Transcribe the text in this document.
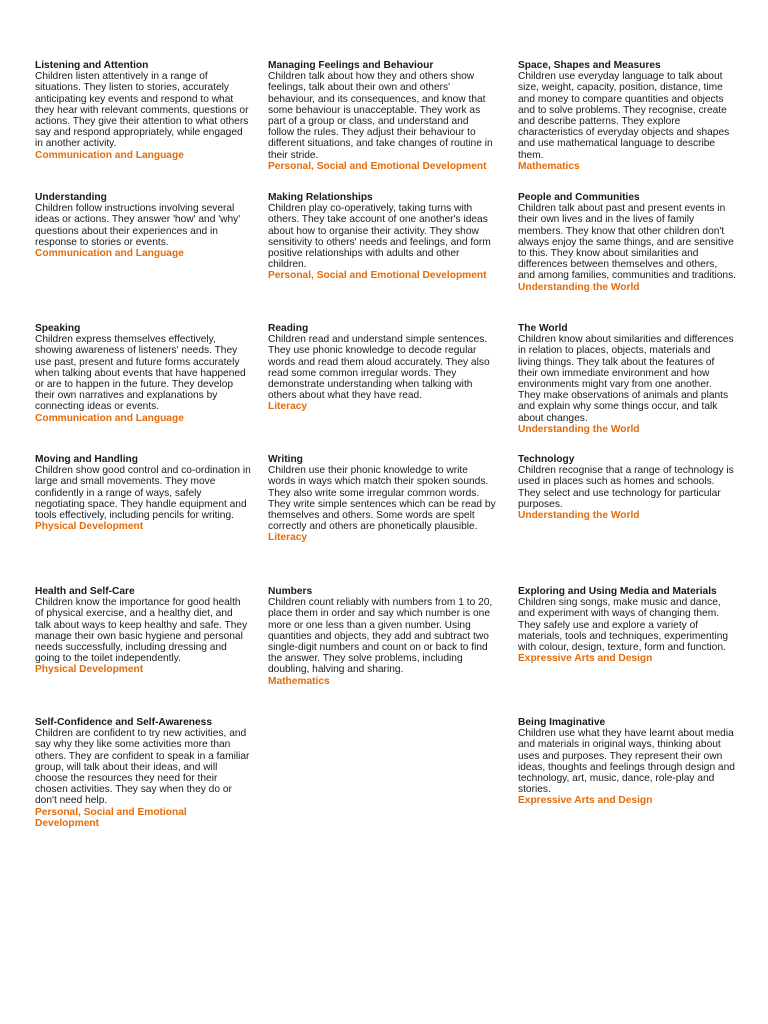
Listening and Attention

Children listen attentively in a range of situations. They listen to stories, accurately anticipating key events and respond to what they hear with relevant comments, questions or actions. They give their attention to what others say and respond appropriately, while engaged in another activity.

Communication and Language

Managing Feelings and Behaviour

Children talk about how they and others show feelings, talk about their own and others' behaviour, and its consequences, and know that some behaviour is unacceptable. They work as part of a group or class, and understand and follow the rules. They adjust their behaviour to different situations, and take changes of routine in their stride.

Personal, Social and Emotional Development

Space, Shapes and Measures

Children use everyday language to talk about size, weight, capacity, position, distance, time and money to compare quantities and objects and to solve problems. They recognise, create and describe patterns. They explore characteristics of everyday objects and shapes and use mathematical language to describe them.

Mathematics

Understanding

Children follow instructions involving several ideas or actions. They answer 'how' and 'why' questions about their experiences and in response to stories or events.

Communication and Language

Making Relationships

Children play co-operatively, taking turns with others. They take account of one another's ideas about how to organise their activity. They show sensitivity to others' needs and feelings, and form positive relationships with adults and other children.

Personal, Social and Emotional Development

People and Communities

Children talk about past and present events in their own lives and in the lives of family members. They know that other children don't always enjoy the same things, and are sensitive to this. They know about similarities and differences between themselves and others, and among families, communities and traditions.

Understanding the World

Speaking

Children express themselves effectively, showing awareness of listeners' needs. They use past, present and future forms accurately when talking about events that have happened or are to happen in the future. They develop their own narratives and explanations by connecting ideas or events.

Communication and Language

Reading

Children read and understand simple sentences. They use phonic knowledge to decode regular words and read them aloud accurately. They also read some common irregular words. They demonstrate understanding when talking with others about what they have read.

Literacy

The World

Children know about similarities and differences in relation to places, objects, materials and living things. They talk about the features of their own immediate environment and how environments might vary from one another. They make observations of animals and plants and explain why some things occur, and talk about changes.

Understanding the World

Moving and Handling

Children show good control and co-ordination in large and small movements. They move confidently in a range of ways, safely negotiating space. They handle equipment and tools effectively, including pencils for writing.

Physical Development

Writing

Children use their phonic knowledge to write words in ways which match their spoken sounds. They also write some irregular common words. They write simple sentences which can be read by themselves and others. Some words are spelt correctly and others are phonetically plausible.

Literacy

Technology

Children recognise that a range of technology is used in places such as homes and schools. They select and use technology for particular purposes.

Understanding the World

Health and Self-Care

Children know the importance for good health of physical exercise, and a healthy diet, and talk about ways to keep healthy and safe. They manage their own basic hygiene and personal needs successfully, including dressing and going to the toilet independently.

Physical Development

Numbers

Children count reliably with numbers from 1 to 20, place them in order and say which number is one more or one less than a given number. Using quantities and objects, they add and subtract two single-digit numbers and count on or back to find the answer. They solve problems, including doubling, halving and sharing.

Mathematics

Exploring and Using Media and Materials

Children sing songs, make music and dance, and experiment with ways of changing them. They safely use and explore a variety of materials, tools and techniques, experimenting with colour, design, texture, form and function.

Expressive Arts and Design

Self-Confidence and Self-Awareness

Children are confident to try new activities, and say why they like some activities more than others. They are confident to speak in a familiar group, will talk about their ideas, and will choose the resources they need for their chosen activities. They say when they do or don't need help.

Personal, Social and Emotional Development

Being Imaginative

Children use what they have learnt about media and materials in original ways, thinking about uses and purposes. They represent their own ideas, thoughts and feelings through design and technology, art, music, dance, role-play and stories.

Expressive Arts and Design
